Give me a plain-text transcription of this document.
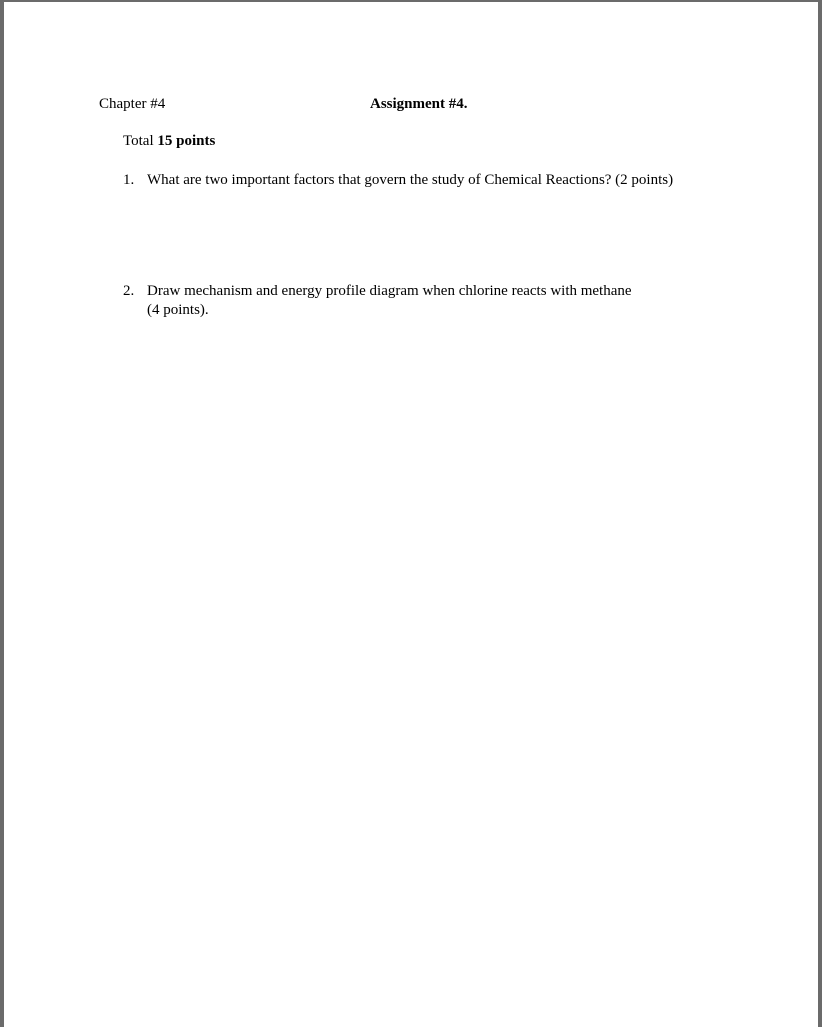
Chapter #4	Assignment #4.
Total 15 points
1. What are two important factors that govern the study of Chemical Reactions? (2 points)
2. Draw mechanism and energy profile diagram when chlorine reacts with methane
(4 points).
